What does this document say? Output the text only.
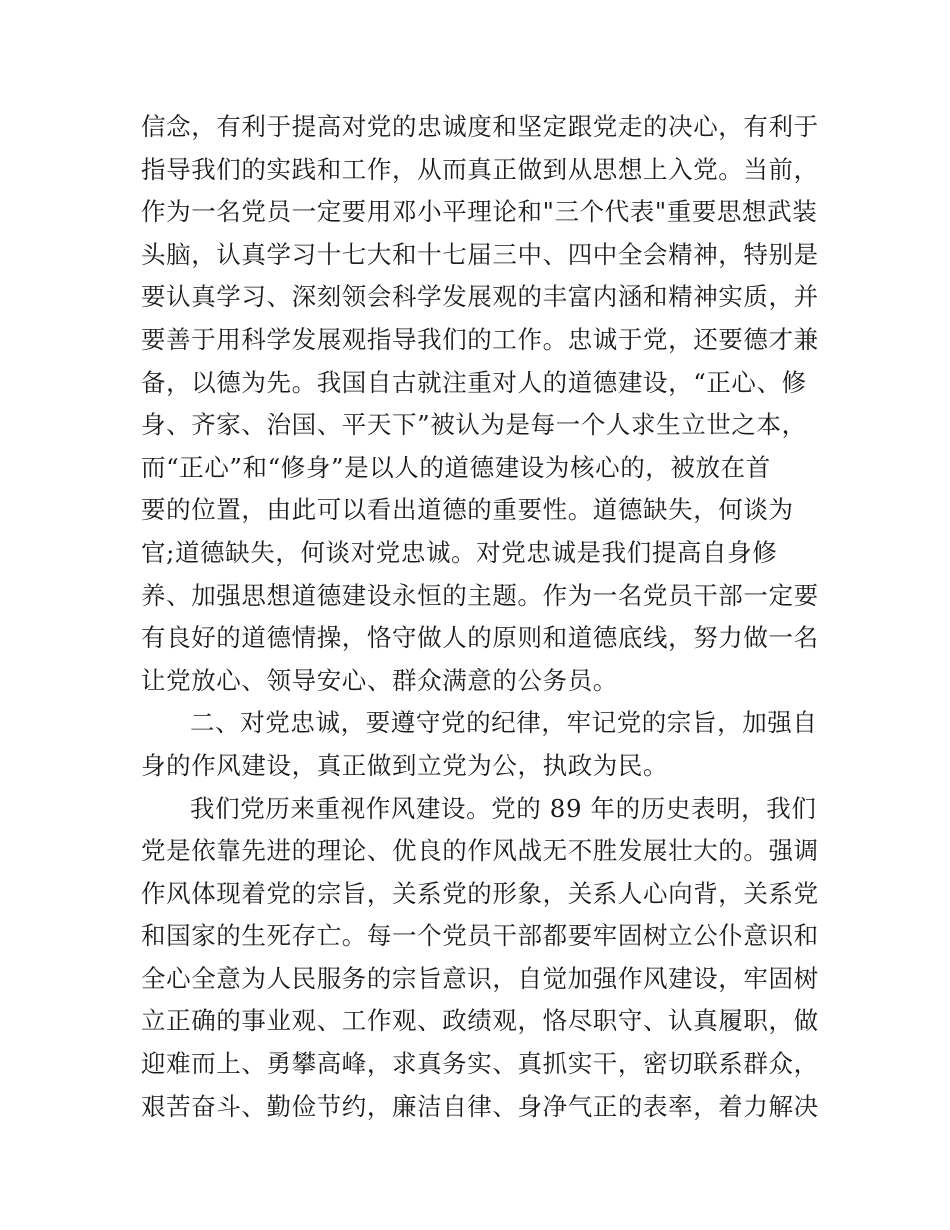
信念，有利于提高对党的忠诚度和坚定跟党走的决心，有利于
指导我们的实践和工作，从而真正做到从思想上入党。当前，
作为一名党员一定要用邓小平理论和"三个代表"重要思想武装
头脑，认真学习十七大和十七届三中、四中全会精神，特别是
要认真学习、深刻领会科学发展观的丰富内涵和精神实质，并
要善于用科学发展观指导我们的工作。忠诚于党，还要德才兼
备，以德为先。我国自古就注重对人的道德建设，“正心、修
身、齐家、治国、平天下”被认为是每一个人求生立世之本，
而“正心”和“修身”是以人的道德建设为核心的，被放在首
要的位置，由此可以看出道德的重要性。道德缺失，何谈为
官;道德缺失，何谈对党忠诚。对党忠诚是我们提高自身修
养、加强思想道德建设永恒的主题。作为一名党员干部一定要
有良好的道德情操，恪守做人的原则和道德底线，努力做一名
让党放心、领导安心、群众满意的公务员。
二、对党忠诚，要遵守党的纪律，牢记党的宗旨，加强自
身的作风建设，真正做到立党为公，执政为民。
我们党历来重视作风建设。党的 89 年的历史表明，我们
党是依靠先进的理论、优良的作风战无不胜发展壮大的。强调
作风体现着党的宗旨，关系党的形象，关系人心向背，关系党
和国家的生死存亡。每一个党员干部都要牢固树立公仆意识和
全心全意为人民服务的宗旨意识，自觉加强作风建设，牢固树
立正确的事业观、工作观、政绩观，恪尽职守、认真履职，做
迎难而上、勇攀高峰，求真务实、真抓实干，密切联系群众，
艰苦奋斗、勤俭节约，廉洁自律、身净气正的表率，着力解决
